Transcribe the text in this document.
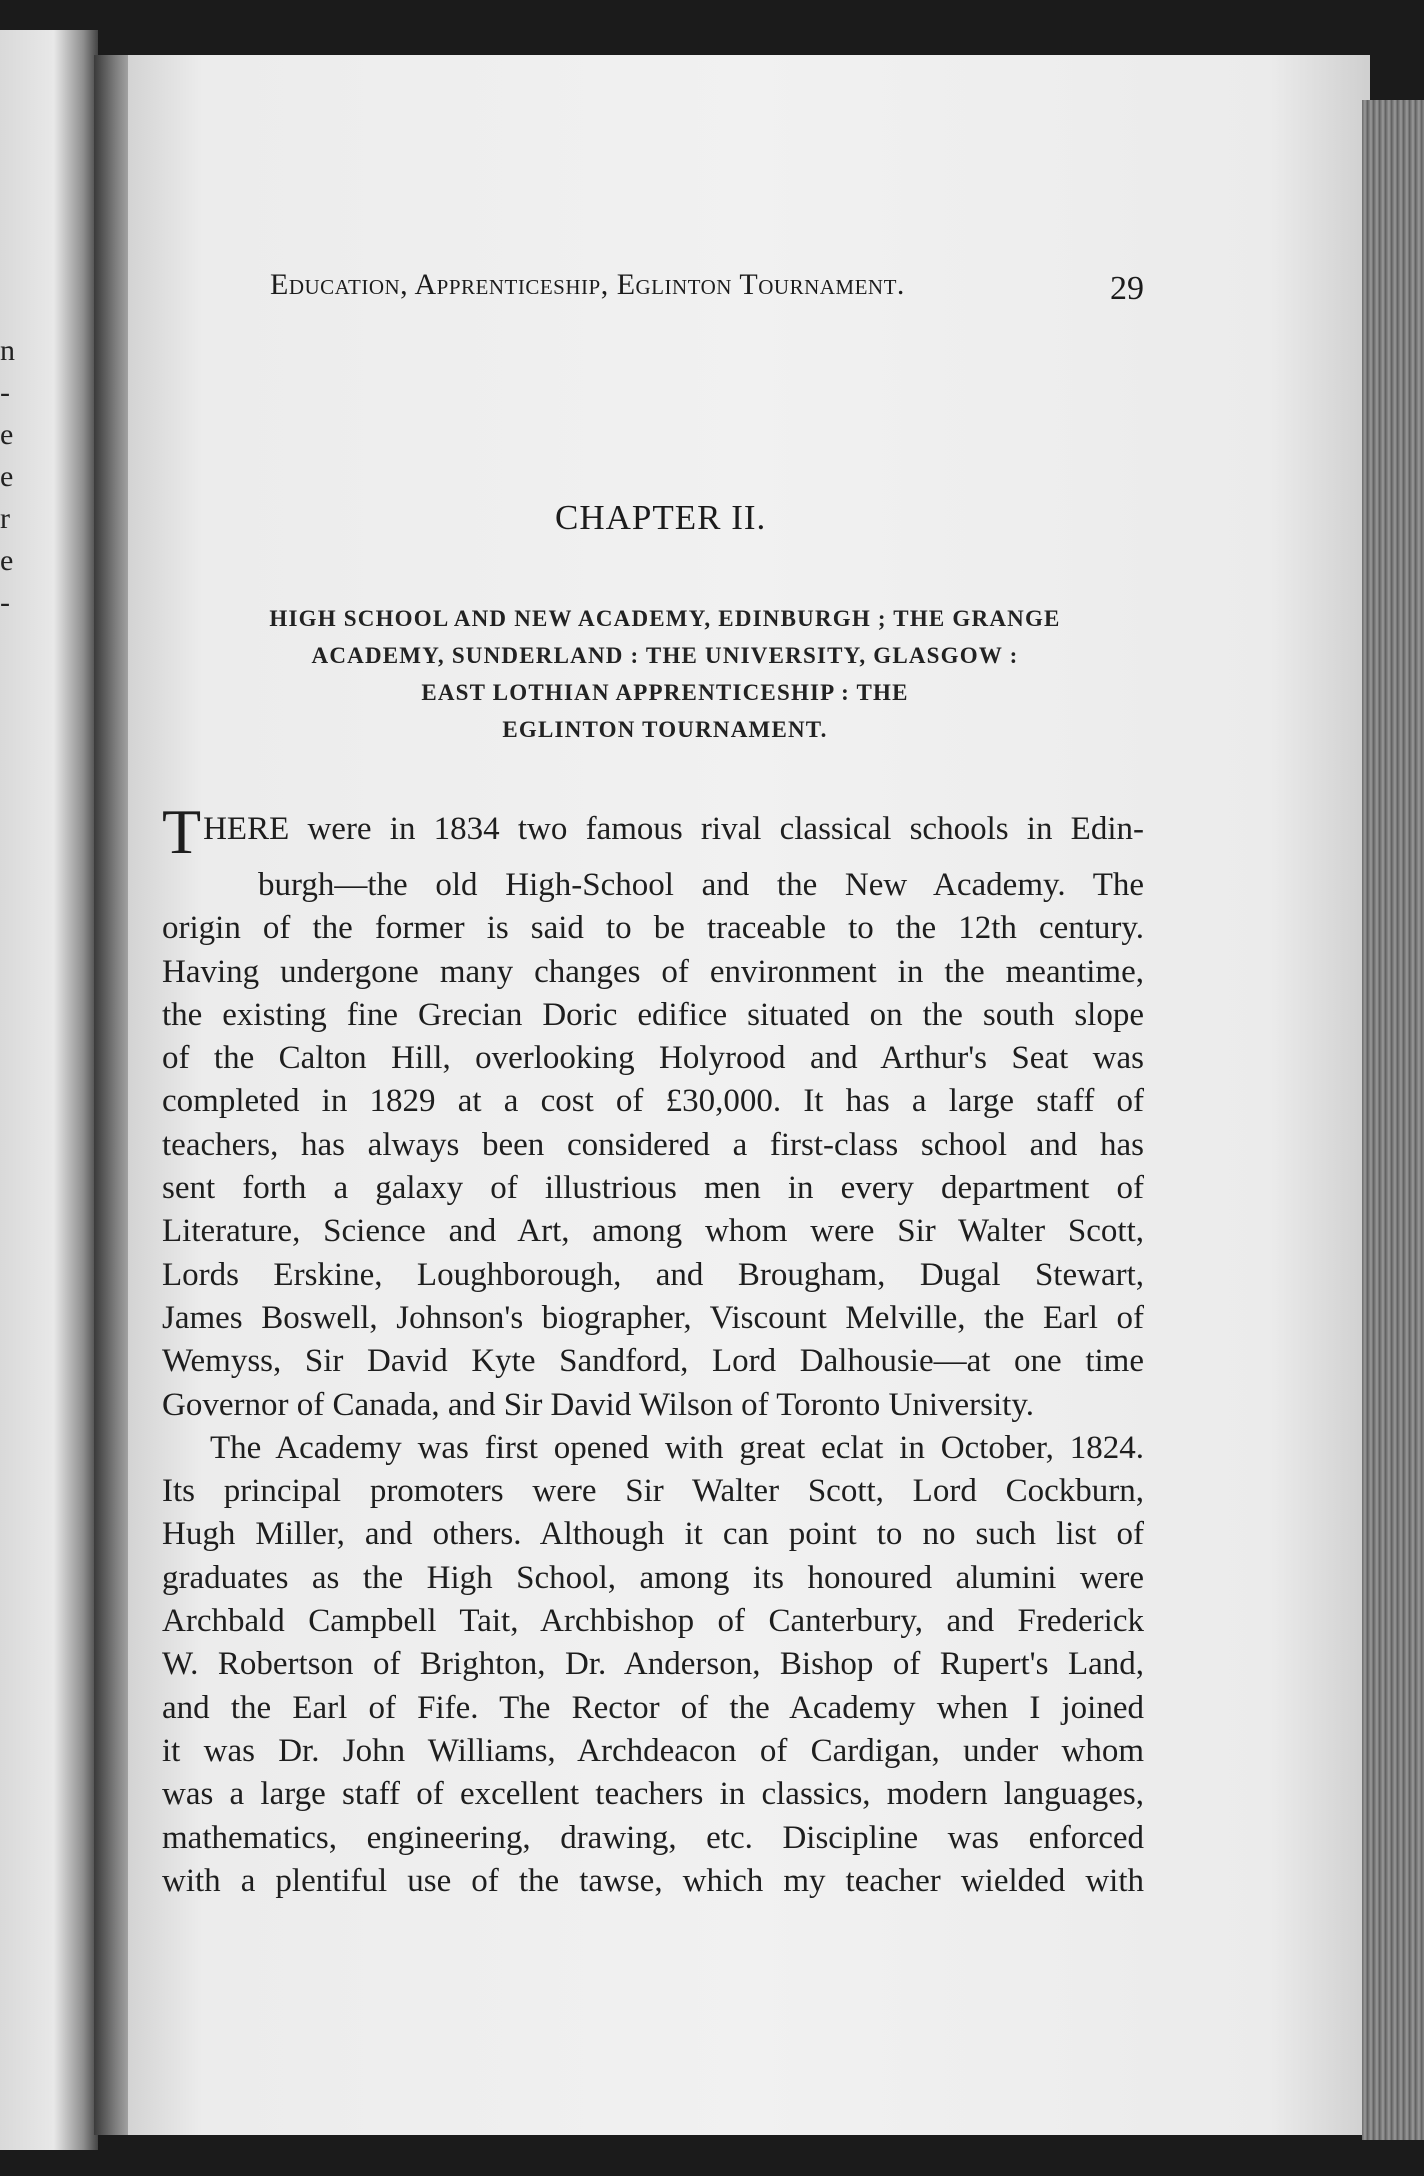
n
-
e
e
r
e
-
Education, Apprenticeship, Eglinton Tournament.	29
CHAPTER II.
HIGH SCHOOL AND NEW ACADEMY, EDINBURGH ; THE GRANGE
ACADEMY, SUNDERLAND : THE UNIVERSITY, GLASGOW :
EAST LOTHIAN APPRENTICESHIP : THE
EGLINTON TOURNAMENT.
THERE were in 1834 two famous rival classical schools in Edin-
burgh—the old High-School and the New Academy. The
origin of the former is said to be traceable to the 12th century.
Having undergone many changes of environment in the meantime,
the existing fine Grecian Doric edifice situated on the south slope
of the Calton Hill, overlooking Holyrood and Arthur's Seat was
completed in 1829 at a cost of £30,000. It has a large staff of
teachers, has always been considered a first-class school and has
sent forth a galaxy of illustrious men in every department of
Literature, Science and Art, among whom were Sir Walter Scott,
Lords Erskine, Loughborough, and Brougham, Dugal Stewart,
James Boswell, Johnson's biographer, Viscount Melville, the Earl of
Wemyss, Sir David Kyte Sandford, Lord Dalhousie—at one time
Governor of Canada, and Sir David Wilson of Toronto University.
The Academy was first opened with great eclat in October, 1824.
Its principal promoters were Sir Walter Scott, Lord Cockburn,
Hugh Miller, and others. Although it can point to no such list of
graduates as the High School, among its honoured alumini were
Archbald Campbell Tait, Archbishop of Canterbury, and Frederick
W. Robertson of Brighton, Dr. Anderson, Bishop of Rupert's Land,
and the Earl of Fife. The Rector of the Academy when I joined
it was Dr. John Williams, Archdeacon of Cardigan, under whom
was a large staff of excellent teachers in classics, modern languages,
mathematics, engineering, drawing, etc. Discipline was enforced
with a plentiful use of the tawse, which my teacher wielded with
